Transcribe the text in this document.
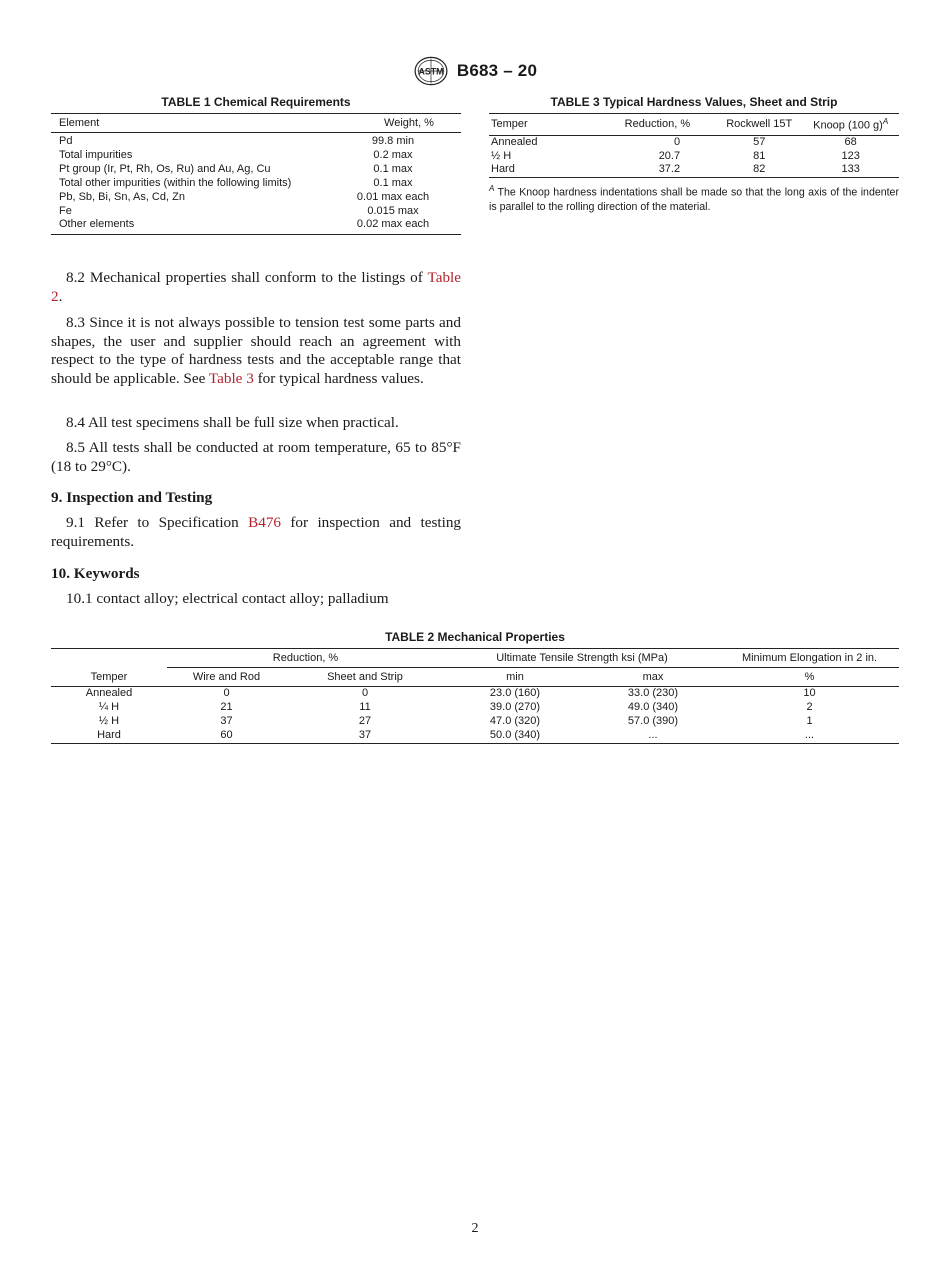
ASTM B683 – 20
TABLE 1 Chemical Requirements
Element	Weight, %
Pd	99.8 min
Total impurities	0.2 max
Pt group (Ir, Pt, Rh, Os, Ru) and Au, Ag, Cu	0.1 max
Total other impurities (within the following limits)	0.1 max
Pb, Sb, Bi, Sn, As, Cd, Zn	0.01 max each
Fe	0.015 max
Other elements	0.02 max each
TABLE 3 Typical Hardness Values, Sheet and Strip
Temper	Reduction, %	Rockwell 15T	Knoop (100 g)$^A$
Annealed	0	57	68
½ H	20.7	81	123
Hard	37.2	82	133
$^A$ The Knoop hardness indentations shall be made so that the long axis of the indenter is parallel to the rolling direction of the material.
8.2 Mechanical properties shall conform to the listings of Table 2.
8.3 Since it is not always possible to tension test some parts and shapes, the user and supplier should reach an agreement with respect to the type of hardness tests and the acceptable range that should be applicable. See Table 3 for typical hardness values.
8.4 All test specimens shall be full size when practical.
8.5 All tests shall be conducted at room temperature, 65 to 85°F (18 to 29°C).
9. Inspection and Testing
9.1 Refer to Specification B476 for inspection and testing requirements.
10. Keywords
10.1 contact alloy; electrical contact alloy; palladium
TABLE 2 Mechanical Properties
	Reduction, %		Ultimate Tensile Strength ksi (MPa)		Minimum Elongation in 2 in.
Temper	Wire and Rod	Sheet and Strip	min	max	%
Annealed	0	0	23.0 (160)	33.0 (230)	10
¼ H	21	11	39.0 (270)	49.0 (340)	2
½ H	37	27	47.0 (320)	57.0 (390)	1
Hard	60	37	50.0 (340)	...	...
2
